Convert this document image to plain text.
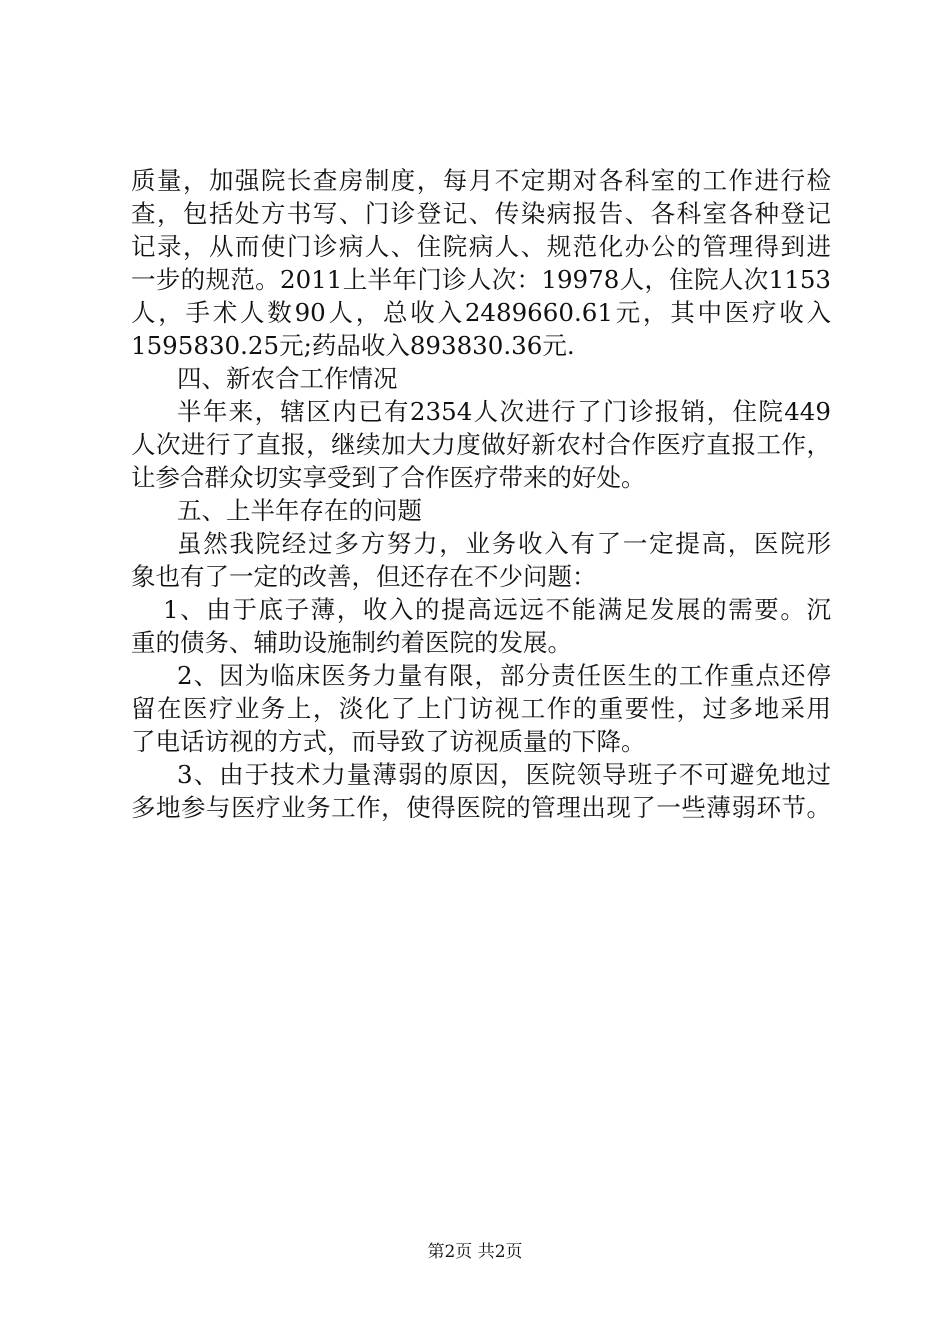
质量，加强院长查房制度，每月不定期对各科室的工作进行检
查，包括处方书写、门诊登记、传染病报告、各科室各种登记
记录，从而使门诊病人、住院病人、规范化办公的管理得到进
一步的规范。2011上半年门诊人次：19978人，住院人次1153
人，手术人数90人，总收入2489660.61元，其中医疗收入
1595830.25元;药品收入893830.36元.
四、新农合工作情况
半年来，辖区内已有2354人次进行了门诊报销，住院449
人次进行了直报，继续加大力度做好新农村合作医疗直报工作，
让参合群众切实享受到了合作医疗带来的好处。
五、上半年存在的问题
虽然我院经过多方努力，业务收入有了一定提高，医院形
象也有了一定的改善，但还存在不少问题：
1、由于底子薄，收入的提高远远不能满足发展的需要。沉
重的债务、辅助设施制约着医院的发展。
2、因为临床医务力量有限，部分责任医生的工作重点还停
留在医疗业务上，淡化了上门访视工作的重要性，过多地采用
了电话访视的方式，而导致了访视质量的下降。
3、由于技术力量薄弱的原因，医院领导班子不可避免地过
多地参与医疗业务工作，使得医院的管理出现了一些薄弱环节。
第2页 共2页
